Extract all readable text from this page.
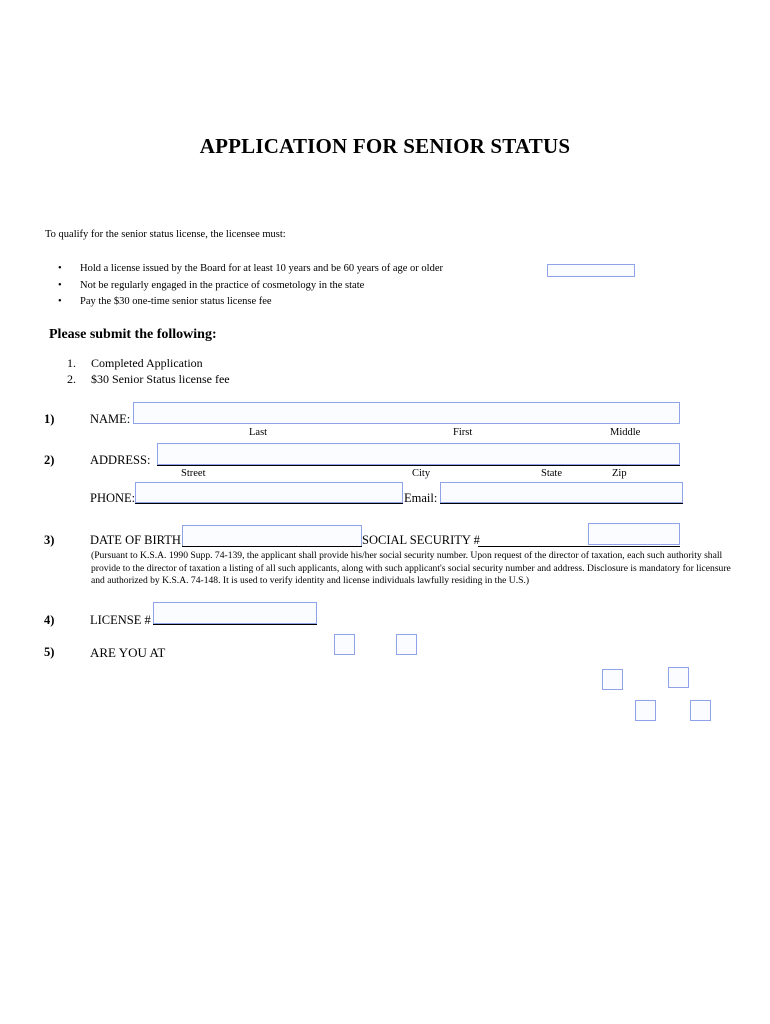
APPLICATION FOR SENIOR STATUS
To qualify for the senior status license, the licensee must:
• Hold a license issued by the Board for at least 10 years and be 60 years of age or older
• Not be regularly engaged in the practice of cosmetology in the state
• Pay the $30 one-time senior status license fee
Please submit the following:
1. Completed Application
2. $30 Senior Status license fee
1)	NAME:
Last	First	Middle
2)	ADDRESS:
Street	City	State	Zip
PHONE:	Email:
3)	DATE OF BIRTH	SOCIAL SECURITY #
(Pursuant to K.S.A. 1990 Supp. 74-139, the applicant shall provide his/her social security number. Upon request of the director of taxation, each such authority shall provide to the director of taxation a listing of all such applicants, along with such applicant's social security number and address. Disclosure is mandatory for licensure and authorized by K.S.A. 74-148. It is used to verify identity and license individuals lawfully residing in the U.S.)
4)	LICENSE #
5)	ARE YOU AT
